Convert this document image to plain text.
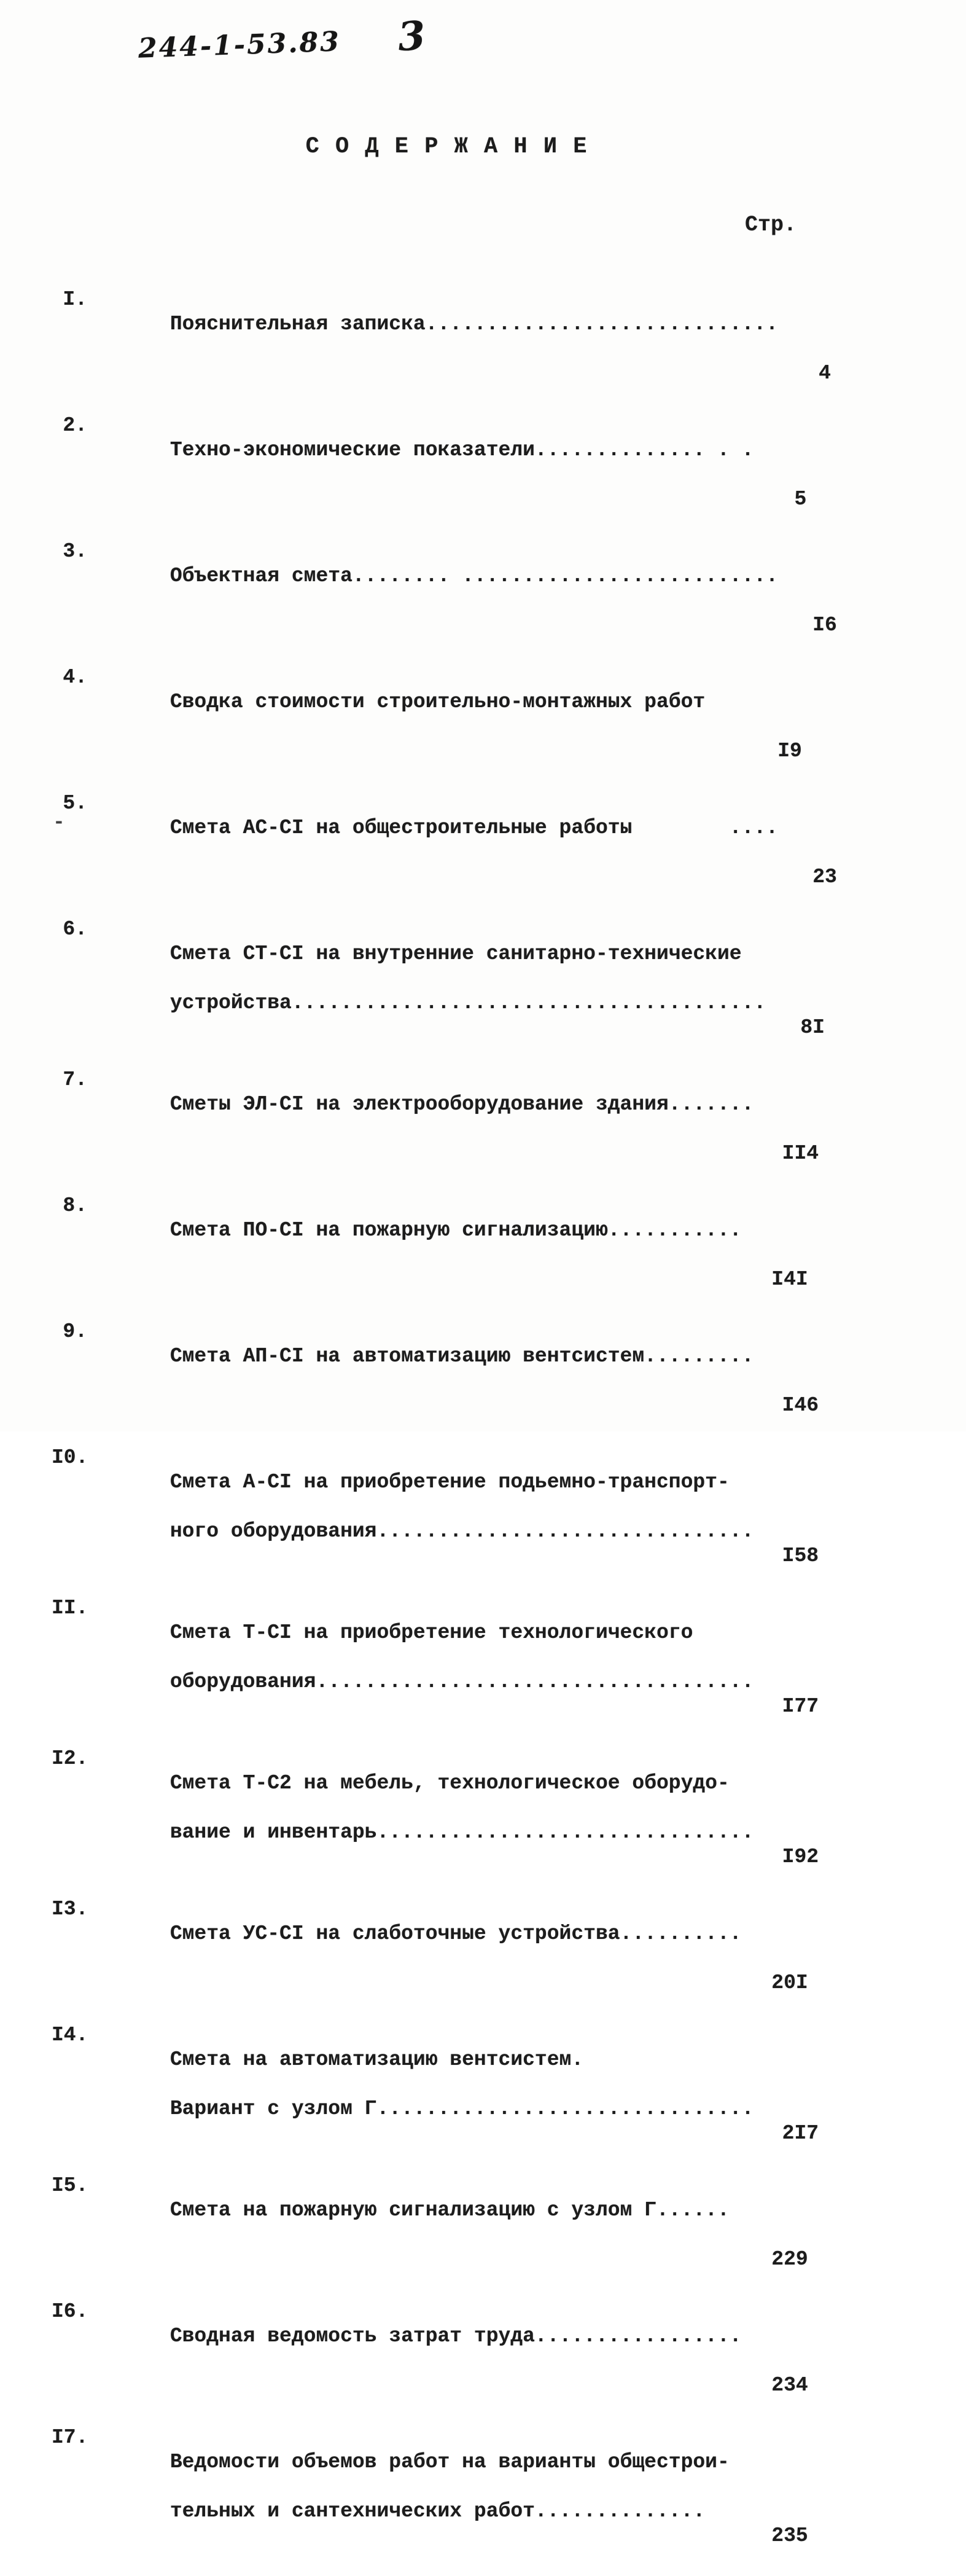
244-1-53.83 3
С О Д Е Р Ж А Н И Е
Стр.
I.

Пояснительная записка.............................

4
2.

Техно-экономические показатели.............. . .

5
3.

Объектная смета........ ..........................

I6
4.

Сводка стоимости строительно-монтажных работ

I9
5.

Смета АС-СI на общестроительные работы        ....

23
6.

Смета СТ-СI на внутренние санитарно-технические

устройства.......................................

8I
7.

Сметы ЭЛ-СI на электрооборудование здания.......

II4
8.

Смета ПО-СI на пожарную сигнализацию...........

I4I
9.

Смета АП-СI на автоматизацию вентсистем.........

I46
I0.

Смета А-СI на приобретение подьемно-транспорт-

ного оборудования...............................

I58
II.

Смета Т-СI на приобретение технологического

оборудования....................................

I77
I2.

Смета Т-С2 на мебель, технологическое оборудо-

вание и инвентарь...............................

I92
I3.

Смета УС-СI на слаботочные устройства..........

20I
I4.

Смета на автоматизацию вентсистем.

Вариант с узлом Г...............................

2I7
I5.

Смета на пожарную сигнализацию с узлом Г......

229
I6.

Сводная ведомость затрат труда.................

234
I7.

Ведомости объемов работ на варианты общестрои-

тельных и сантехнических работ..............

235
-
